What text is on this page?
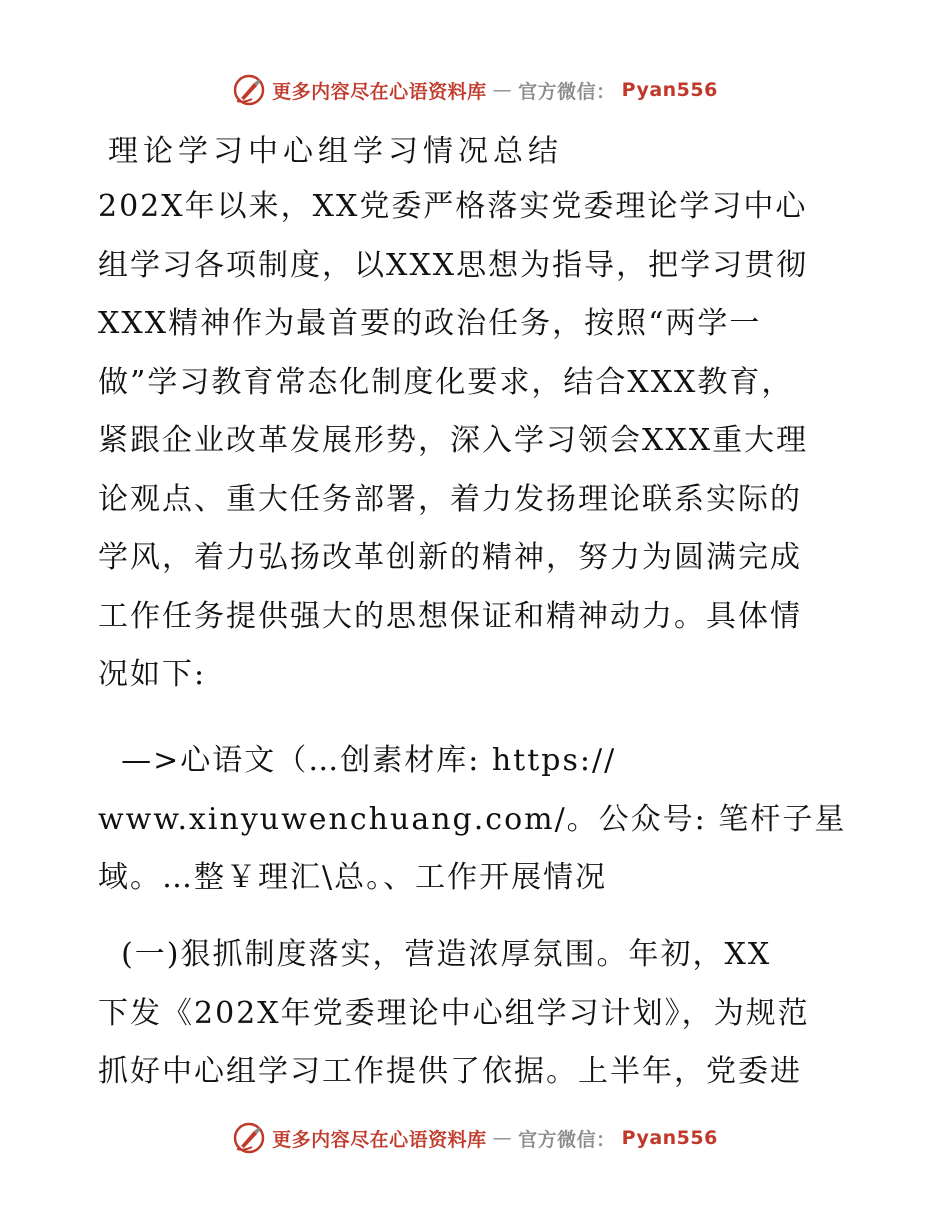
更多内容尽在心语资料库 — 官方微信： Pyan556
理论学习中心组学习情况总结
202X年以来，XX党委严格落实党委理论学习中心
组学习各项制度，以XXX思想为指导，把学习贯彻
XXX精神作为最首要的政治任务，按照“两学一
做”学习教育常态化制度化要求，结合XXX教育，
紧跟企业改革发展形势，深入学习领会XXX重大理
论观点、重大任务部署，着力发扬理论联系实际的
学风，着力弘扬改革创新的精神，努力为圆满完成
工作任务提供强大的思想保证和精神动力。具体情
况如下:
—>心语文（…创素材库: https://
www.xinyuwenchuang.com/。公众号: 笔杆子星
域。…整￥理汇\总。、工作开展情况
(一)狠抓制度落实，营造浓厚氛围。年初，XX
下发《202X年党委理论中心组学习计划》，为规范
抓好中心组学习工作提供了依据。上半年，党委进
更多内容尽在心语资料库 — 官方微信： Pyan556
